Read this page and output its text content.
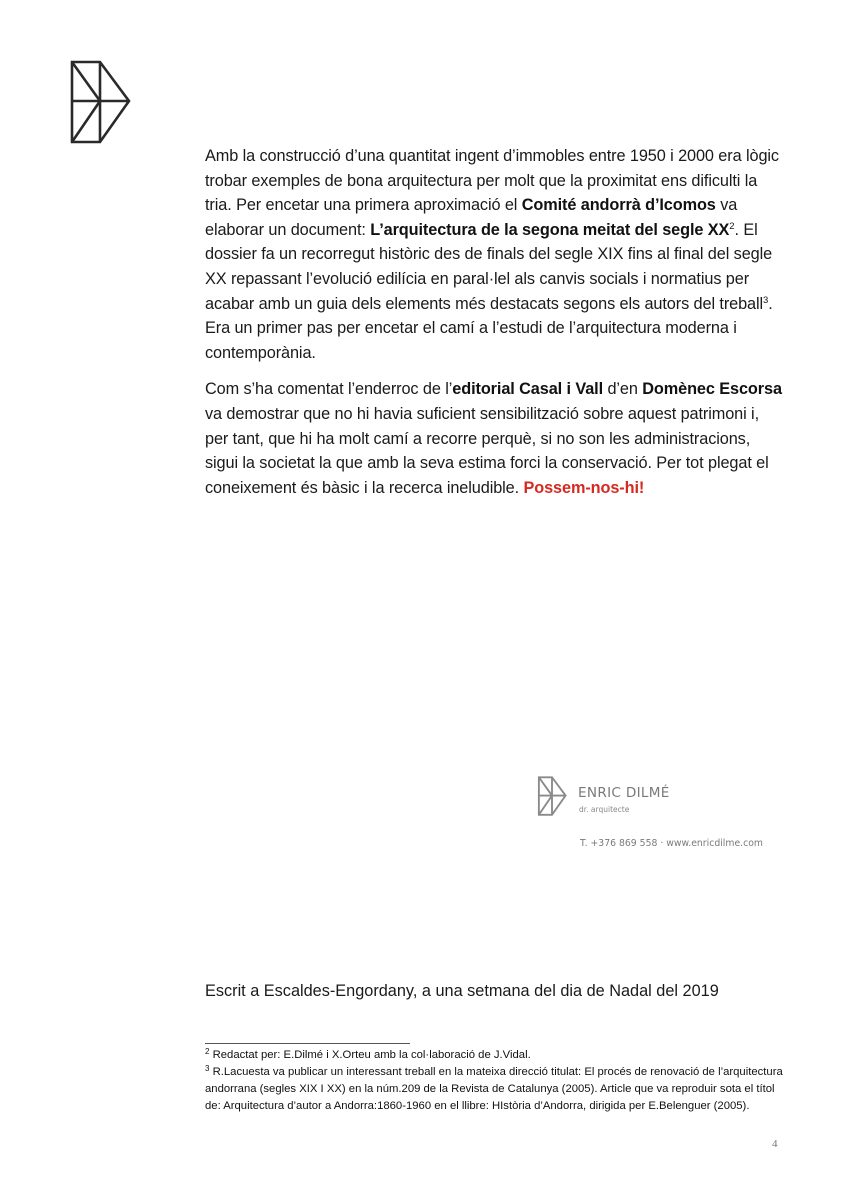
Amb la construcció d’una quantitat ingent d’immobles entre 1950 i 2000 era lògic trobar exemples de bona arquitectura per molt que la proximitat ens dificulti la tria. Per encetar una primera aproximació el Comité andorrà d’Icomos va elaborar un document: L’arquitectura de la segona meitat del segle XX$^2$. El dossier fa un recorregut històric des de finals del segle XIX fins al final del segle XX repassant l’evolució edilícia en paral·lel als canvis socials i normatius per acabar amb un guia dels elements més destacats segons els autors del treball$^3$. Era un primer pas per encetar el camí a l’estudi de l’arquitectura moderna i contemporània.

Com s’ha comentat l’enderroc de l’editorial Casal i Vall d’en Domènec Escorsa va demostrar que no hi havia suficient sensibilització sobre aquest patrimoni i, per tant, que hi ha molt camí a recorre perquè, si no son les administracions, sigui la societat la que amb la seva estima forci la conservació. Per tot plegat el coneixement és bàsic i la recerca ineludible. Possem-nos-hi!

ENRIC DILMÉ
dr. arquitecte
T. +376 869 558 · www.enricdilme.com
Escrit a Escaldes-Engordany, a una setmana del dia de Nadal del 2019

$^2$ Redactat per: E.Dilmé i X.Orteu amb la col·laboració de J.Vidal.

$^3$ R.Lacuesta va publicar un interessant treball en la mateixa direcció titulat: El procés de renovació de l’arquitectura andorrana (segles XIX I XX) en la núm.209 de la Revista de Catalunya (2005). Article que va reproduir sota el títol de: Arquitectura d’autor a Andorra:1860-1960 en el llibre: HIstòria d’Andorra, dirigida per E.Belenguer (2005).

4
